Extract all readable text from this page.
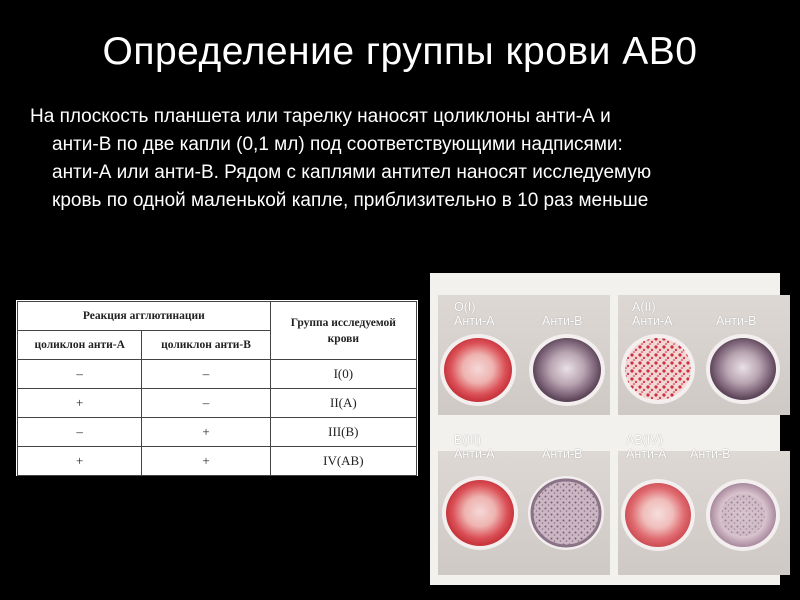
Определение группы крови АВ0
На плоскость планшета или тарелку наносят цоликлоны анти-А и
анти-В по две капли (0,1 мл) под соответствующими надписями:
анти-А или анти-В. Рядом с каплями антител наносят исследуемую
кровь по одной маленькой капле, приблизительно в 10 раз меньше
Реакция агглютинации		Группа исследуемой
крови

цоликлон анти-А	цоликлон анти-В	
–	–	I(0)
+	–	II(A)
–	+	III(B)
+	+	IV(AB)
O(I)
Анти-А	Анти-В
A(II)
Анти-А	Анти-В
B(III)
Анти-А	Анти-В
AB(IV)
Анти-А Анти-В
